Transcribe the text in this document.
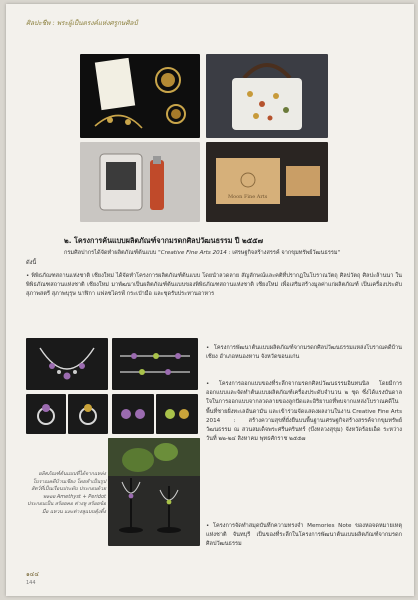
ศิลปะชีพ : พระผู้เป็นตรงค์แห่งศรูกษศิลป์
Moon Fine Arts
๒. โครงการค้นแบบผลิตภัณฑ์จากมรดกศิลปวัฒนธรรม ปี ๒๕๕๗
กรมศิลปากรได้จัดทำผลิตภัณฑ์ต้นแบบ "Creative Fine Arts 2014 : เศรษฐกิจสร้างสรรค์ จากขุมทรัพย์วัฒนธรรม"
ดังนี้
• พิพิธภัณฑสถานแห่งชาติ เชียงใหม่ ได้จัดทำโครงการผลิตภัณฑ์ต้นแบบ โดยนำลวดลาย สัญลักษณ์และคติที่ปรากฏในโบราณวัตถุ ศิลปวัตถุ ศิลปะล้านนา ในพิพิธภัณฑสถานแห่งชาติ เชียงใหม่ มาพัฒนาเป็นผลิตภัณฑ์ต้นแบบของพิพิธภัณฑสถานแห่งชาติ เชียงใหม่ เพื่อเสริมสร้างมูลค่าแก่ผลิตภัณฑ์ เป็นเครื่องประดับสุภาพสตรี สุภาพบุรุษ นาฬิกา แฟลชไดรฟ์ กระเป๋ามือ และชุดรับประทานอาหาร
• โครงการพัฒนาต้นแบบผลิตภัณฑ์จากมรดกศิลปวัฒนธรรมแหล่งโบราณคดีบ้านเชียง อำเภอหนองหาน จังหวัดขอนแก่น
• โครงการออกแบบของที่ระลึกจากมรดกศิลปวัฒนธรรมอินทนนิล โดยมีการออกแบบและจัดทำต้นแบบผลิตภัณฑ์เครื่องประดับจำนวน ๒ ชุด ซึ่งได้แรงบันดาลใจในการออกแบบจากลวดลายของลูกปัดและอิริยาบถที่พบจากแหล่งโบราณคดีในพื้นที่ชายฝั่งทะเลอันดามัน และเข้าร่วมจัดแสดงผลงานในงาน Creative Fine Arts 2014 : สร้างความสุขที่ยั่งยืนบนพื้นฐานเศรษฐกิจสร้างสรรค์จากขุมทรัพย์วัฒนธรรม ณ สวนสมเด็จพระศรีนครินทร์ (บึงหลวงสุขุม) จังหวัดร้อยเอ็ด ระหว่างวันที่ ๒๒-๒๔ สิงหาคม พุทธศักราช ๒๕๕๗
• โครงการจัดทำสมุดบันทึกความทรงจำ Memories Note ของหอจดหมายเหตุแห่งชาติ จันทบุรี เป็นของที่ระลึกในโครงการพัฒนาต้นแบบผลิตภัณฑ์จากมรดกศิลปวัฒนธรรม
ผลิตภัณฑ์ต้นแบบที่ได้จากแหล่งโบราณคดีบ้านเชียง โดยทำเป็นรูปสัตว์ที่เป็นเรือนประดับ ประกอบด้วยพลอย Amethyst + Peridot ประกอบเป็น สร้อยคอ ต่างหู สร้อยข้อมือ แหวน และต่างหูแบบตุ้งติ้ง
๑๔๔
144
